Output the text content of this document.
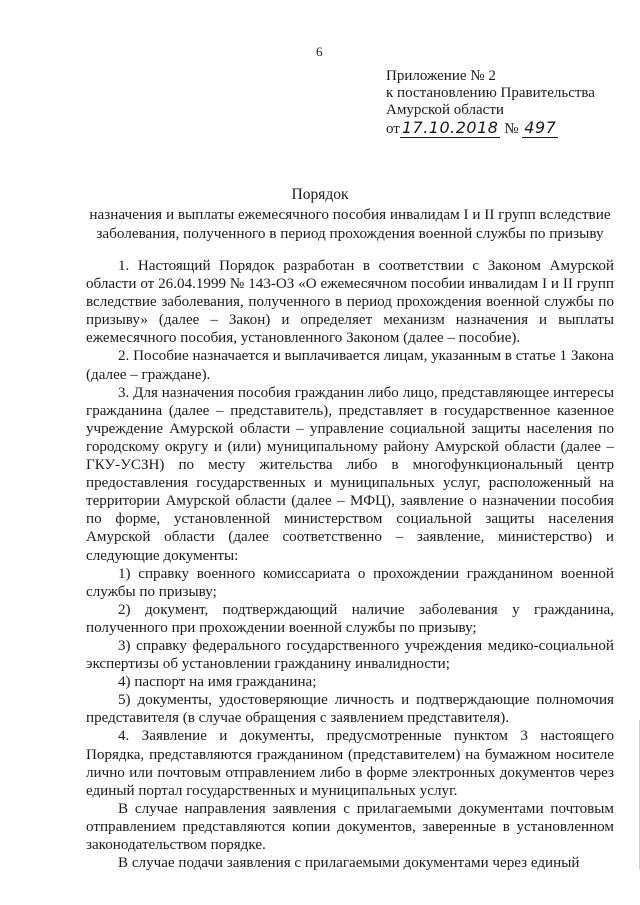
6
Приложение № 2
к постановлению Правительства
Амурской области
от 17.10.2018 № 497
Порядок
назначения и выплаты ежемесячного пособия инвалидам I и II групп вследствие заболевания, полученного в период прохождения военной службы по призыву

1. Настоящий Порядок разработан в соответствии с Законом Амурской области от 26.04.1999 № 143-ОЗ «О ежемесячном пособии инвалидам I и II групп вследствие заболевания, полученного в период прохождения военной службы по призыву» (далее – Закон) и определяет механизм назначения и выплаты ежемесячного пособия, установленного Законом (далее – пособие).

2. Пособие назначается и выплачивается лицам, указанным в статье 1 Закона (далее – граждане).

3. Для назначения пособия гражданин либо лицо, представляющее интересы гражданина (далее – представитель), представляет в государственное казенное учреждение Амурской области – управление социальной защиты населения по городскому округу и (или) муниципальному району Амурской области (далее – ГКУ-УСЗН) по месту жительства либо в многофункциональный центр предоставления государственных и муниципальных услуг, расположенный на территории Амурской области (далее – МФЦ), заявление о назначении пособия по форме, установленной министерством социальной защиты населения Амурской области (далее соответственно – заявление, министерство) и следующие документы:

1) справку военного комиссариата о прохождении гражданином военной службы по призыву;

2) документ, подтверждающий наличие заболевания у гражданина, полученного при прохождении военной службы по призыву;

3) справку федерального государственного учреждения медико-социальной экспертизы об установлении гражданину инвалидности;

4) паспорт на имя гражданина;

5) документы, удостоверяющие личность и подтверждающие полномочия представителя (в случае обращения с заявлением представителя).

4. Заявление и документы, предусмотренные пунктом 3 настоящего Порядка, представляются гражданином (представителем) на бумажном носителе лично или почтовым отправлением либо в форме электронных документов через единый портал государственных и муниципальных услуг.

В случае направления заявления с прилагаемыми документами почтовым отправлением представляются копии документов, заверенные в установленном законодательством порядке.

В случае подачи заявления с прилагаемыми документами через единый
